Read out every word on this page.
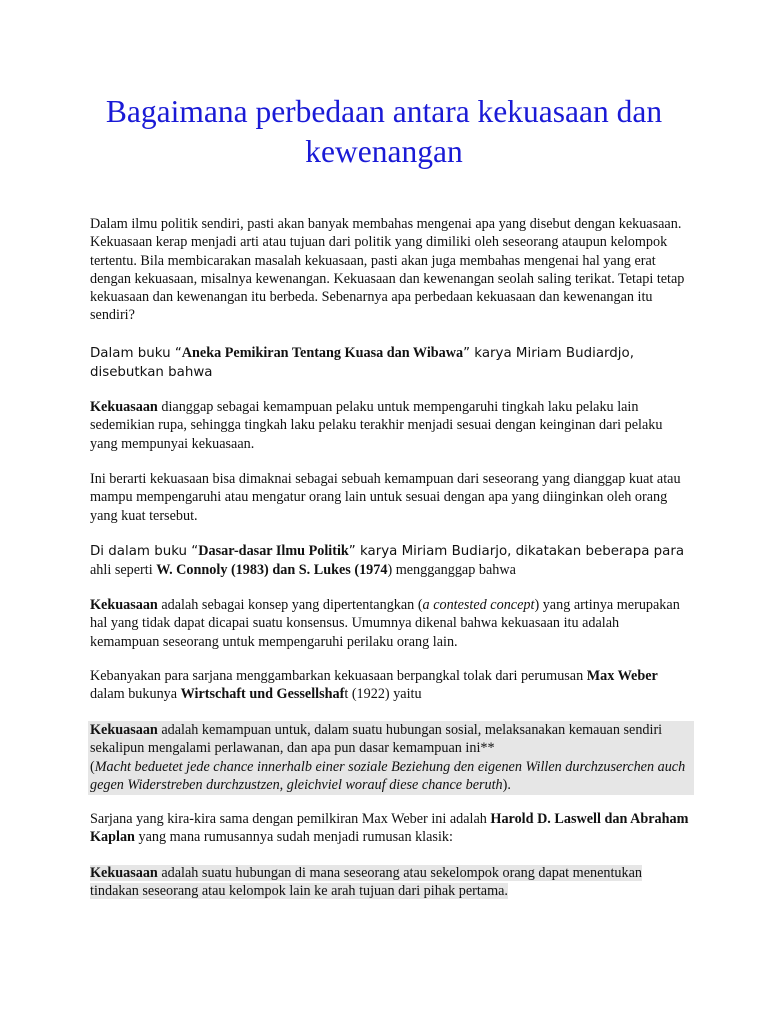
Bagaimana perbedaan antara kekuasaan dan kewenangan

Dalam ilmu politik sendiri, pasti akan banyak membahas mengenai apa yang disebut dengan kekuasaan. Kekuasaan kerap menjadi arti atau tujuan dari politik yang dimiliki oleh seseorang ataupun kelompok tertentu. Bila membicarakan masalah kekuasaan, pasti akan juga membahas mengenai hal yang erat dengan kekuasaan, misalnya kewenangan. Kekuasaan dan kewenangan seolah saling terikat. Tetapi tetap kekuasaan dan kewenangan itu berbeda. Sebenarnya apa perbedaan kekuasaan dan kewenangan itu sendiri?

Dalam buku “Aneka Pemikiran Tentang Kuasa dan Wibawa” karya Miriam Budiardjo,
disebutkan bahwa

Kekuasaan dianggap sebagai kemampuan pelaku untuk mempengaruhi tingkah laku pelaku lain sedemikian rupa, sehingga tingkah laku pelaku terakhir menjadi sesuai dengan keinginan dari pelaku yang mempunyai kekuasaan.

Ini berarti kekuasaan bisa dimaknai sebagai sebuah kemampuan dari seseorang yang dianggap kuat atau mampu mempengaruhi atau mengatur orang lain untuk sesuai dengan apa yang diinginkan oleh orang yang kuat tersebut.

Di dalam buku “Dasar-dasar Ilmu Politik” karya Miriam Budiarjo, dikatakan beberapa para
ahli seperti W. Connoly (1983) dan S. Lukes (1974) mengganggap bahwa

Kekuasaan adalah sebagai konsep yang dipertentangkan (a contested concept) yang artinya merupakan hal yang tidak dapat dicapai suatu konsensus. Umumnya dikenal bahwa kekuasaan itu adalah kemampuan seseorang untuk mempengaruhi perilaku orang lain.

Kebanyakan para sarjana menggambarkan kekuasaan berpangkal tolak dari perumusan Max Weber dalam bukunya Wirtschaft und Gessellshaft (1922) yaitu

Kekuasaan adalah kemampuan untuk, dalam suatu hubungan sosial, melaksanakan kemauan sendiri sekalipun mengalami perlawanan, dan apa pun dasar kemampuan ini**
(Macht beduetet jede chance innerhalb einer soziale Beziehung den eigenen Willen durchzuserchen auch gegen Widerstreben durchzustzen, gleichviel worauf diese chance beruth).

Sarjana yang kira-kira sama dengan pemilkiran Max Weber ini adalah Harold D. Laswell dan Abraham Kaplan yang mana rumusannya sudah menjadi rumusan klasik:

Kekuasaan adalah suatu hubungan di mana seseorang atau sekelompok orang dapat menentukan tindakan seseorang atau kelompok lain ke arah tujuan dari pihak pertama.
